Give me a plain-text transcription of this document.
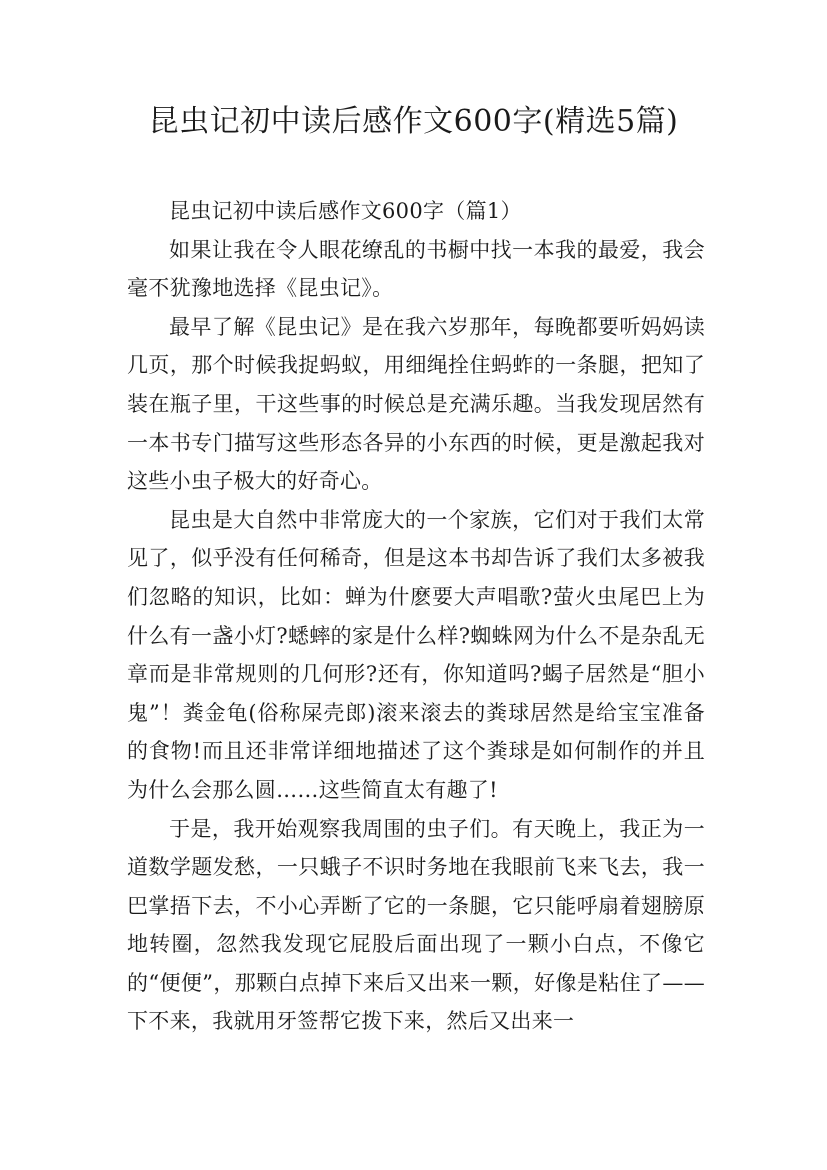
昆虫记初中读后感作文600字(精选5篇)

昆虫记初中读后感作文600字（篇1）

如果让我在令人眼花缭乱的书橱中找一本我的最爱，我会毫不犹豫地选择《昆虫记》。

最早了解《昆虫记》是在我六岁那年，每晚都要听妈妈读几页，那个时候我捉蚂蚁，用细绳拴住蚂蚱的一条腿，把知了装在瓶子里，干这些事的时候总是充满乐趣。当我发现居然有一本书专门描写这些形态各异的小东西的时候，更是激起我对这些小虫子极大的好奇心。

昆虫是大自然中非常庞大的一个家族，它们对于我们太常见了，似乎没有任何稀奇，但是这本书却告诉了我们太多被我们忽略的知识，比如：蝉为什麽要大声唱歌?萤火虫尾巴上为什么有一盏小灯?蟋蟀的家是什么样?蜘蛛网为什么不是杂乱无章而是非常规则的几何形?还有，你知道吗?蝎子居然是“胆小鬼”！粪金龟(俗称屎壳郎)滚来滚去的粪球居然是给宝宝准备的食物!而且还非常详细地描述了这个粪球是如何制作的并且为什么会那么圆……这些简直太有趣了!

于是，我开始观察我周围的虫子们。有天晚上，我正为一道数学题发愁，一只蛾子不识时务地在我眼前飞来飞去，我一巴掌捂下去，不小心弄断了它的一条腿，它只能呼扇着翅膀原地转圈，忽然我发现它屁股后面出现了一颗小白点，不像它的“便便”，那颗白点掉下来后又出来一颗，好像是粘住了——下不来，我就用牙签帮它拨下来，然后又出来一
